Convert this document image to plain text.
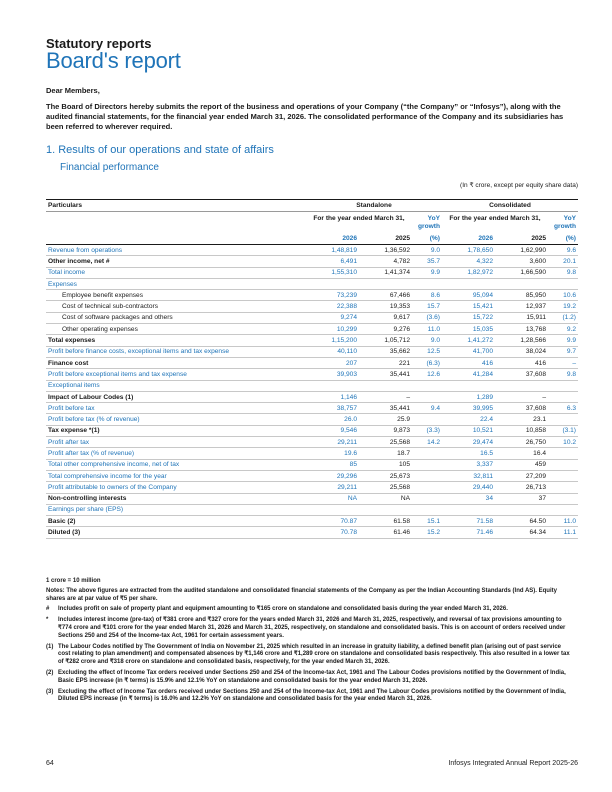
Statutory reports
Board's report
Dear Members,
The Board of Directors hereby submits the report of the business and operations of your Company (“the Company” or “Infosys”), along with the audited financial statements, for the financial year ended March 31, 2026. The consolidated performance of the Company and its subsidiaries has been referred to wherever required.
1. Results of our operations and state of affairs
Financial performance
(In ₹ crore, except per equity share data)
Particulars	Standalone			Consolidated		
	For the year ended March 31,		YoY growth	For the year ended March 31,		YoY growth
	2026	2025	(%)	2026	2025	(%)
Revenue from operations	1,48,819	1,36,592	9.0	1,78,650	1,62,990	9.6
Other income, net #	6,491	4,782	35.7	4,322	3,600	20.1
Total income	1,55,310	1,41,374	9.9	1,82,972	1,66,590	9.8
Expenses						
Employee benefit expenses	73,239	67,466	8.6	95,094	85,950	10.6
Cost of technical sub-contractors	22,388	19,353	15.7	15,421	12,937	19.2
Cost of software packages and others	9,274	9,617	(3.6)	15,722	15,911	(1.2)
Other operating expenses	10,299	9,276	11.0	15,035	13,768	9.2
Total expenses	1,15,200	1,05,712	9.0	1,41,272	1,28,566	9.9
Profit before finance costs, exceptional items and tax expense	40,110	35,662	12.5	41,700	38,024	9.7
Finance cost	207	221	(6.3)	416	416	–
Profit before exceptional items and tax expense	39,903	35,441	12.6	41,284	37,608	9.8
Exceptional items						
Impact of Labour Codes (1)	1,146	–		1,289	–	
Profit before tax	38,757	35,441	9.4	39,995	37,608	6.3
Profit before tax (% of revenue)	26.0	25.9		22.4	23.1	
Tax expense *(1)	9,546	9,873	(3.3)	10,521	10,858	(3.1)
Profit after tax	29,211	25,568	14.2	29,474	26,750	10.2
Profit after tax (% of revenue)	19.6	18.7		16.5	16.4	
Total other comprehensive income, net of tax	85	105		3,337	459	
Total comprehensive income for the year	29,296	25,673		32,811	27,209	
Profit attributable to owners of the Company	29,211	25,568		29,440	26,713	
Non-controlling interests	NA	NA		34	37	
Earnings per share (EPS)						
Basic (2)	70.87	61.58	15.1	71.58	64.50	11.0
Diluted (3)	70.78	61.46	15.2	71.46	64.34	11.1

1 crore = 10 million

Notes: The above figures are extracted from the audited standalone and consolidated financial statements of the Company as per the Indian Accounting Standards (Ind AS). Equity shares are at par value of ₹5 per share.

#	Includes profit on sale of property plant and equipment amounting to ₹165 crore on standalone and consolidated basis during the year ended March 31, 2026.
*	Includes interest income (pre-tax) of ₹381 crore and ₹327 crore for the years ended March 31, 2026 and March 31, 2025, respectively, and reversal of tax provisions amounting to ₹774 crore and ₹101 crore for the year ended March 31, 2026 and March 31, 2025, respectively, on standalone and consolidated basis. This is on account of orders received under Sections 250 and 254 of the Income-tax Act, 1961 for certain assessment years.
(1) The Labour Codes notified by The Government of India on November 21, 2025 which resulted in an increase in gratuity liability, a defined benefit plan (arising out of past service cost relating to plan amendment) and compensated absences by ₹1,146 crore and ₹1,289 crore on standalone and consolidated basis respectively. This also resulted in a lower tax of ₹282 crore and ₹318 crore on standalone and consolidated basis, respectively, for the year ended March 31, 2026.
(2) Excluding the effect of Income Tax orders received under Sections 250 and 254 of the Income-tax Act, 1961 and The Labour Codes provisions notified by the Government of India, Basic EPS increase (in ₹ terms) is 15.9% and 12.1% YoY on standalone and consolidated basis for the year ended March 31, 2026.
(3) Excluding the effect of Income Tax orders received under Sections 250 and 254 of the Income-tax Act, 1961 and The Labour Codes provisions notified by the Government of India, Diluted EPS increase (in ₹ terms) is 16.0% and 12.2% YoY on standalone and consolidated basis for the year ended March 31, 2026.
64	Infosys Integrated Annual Report 2025-26
